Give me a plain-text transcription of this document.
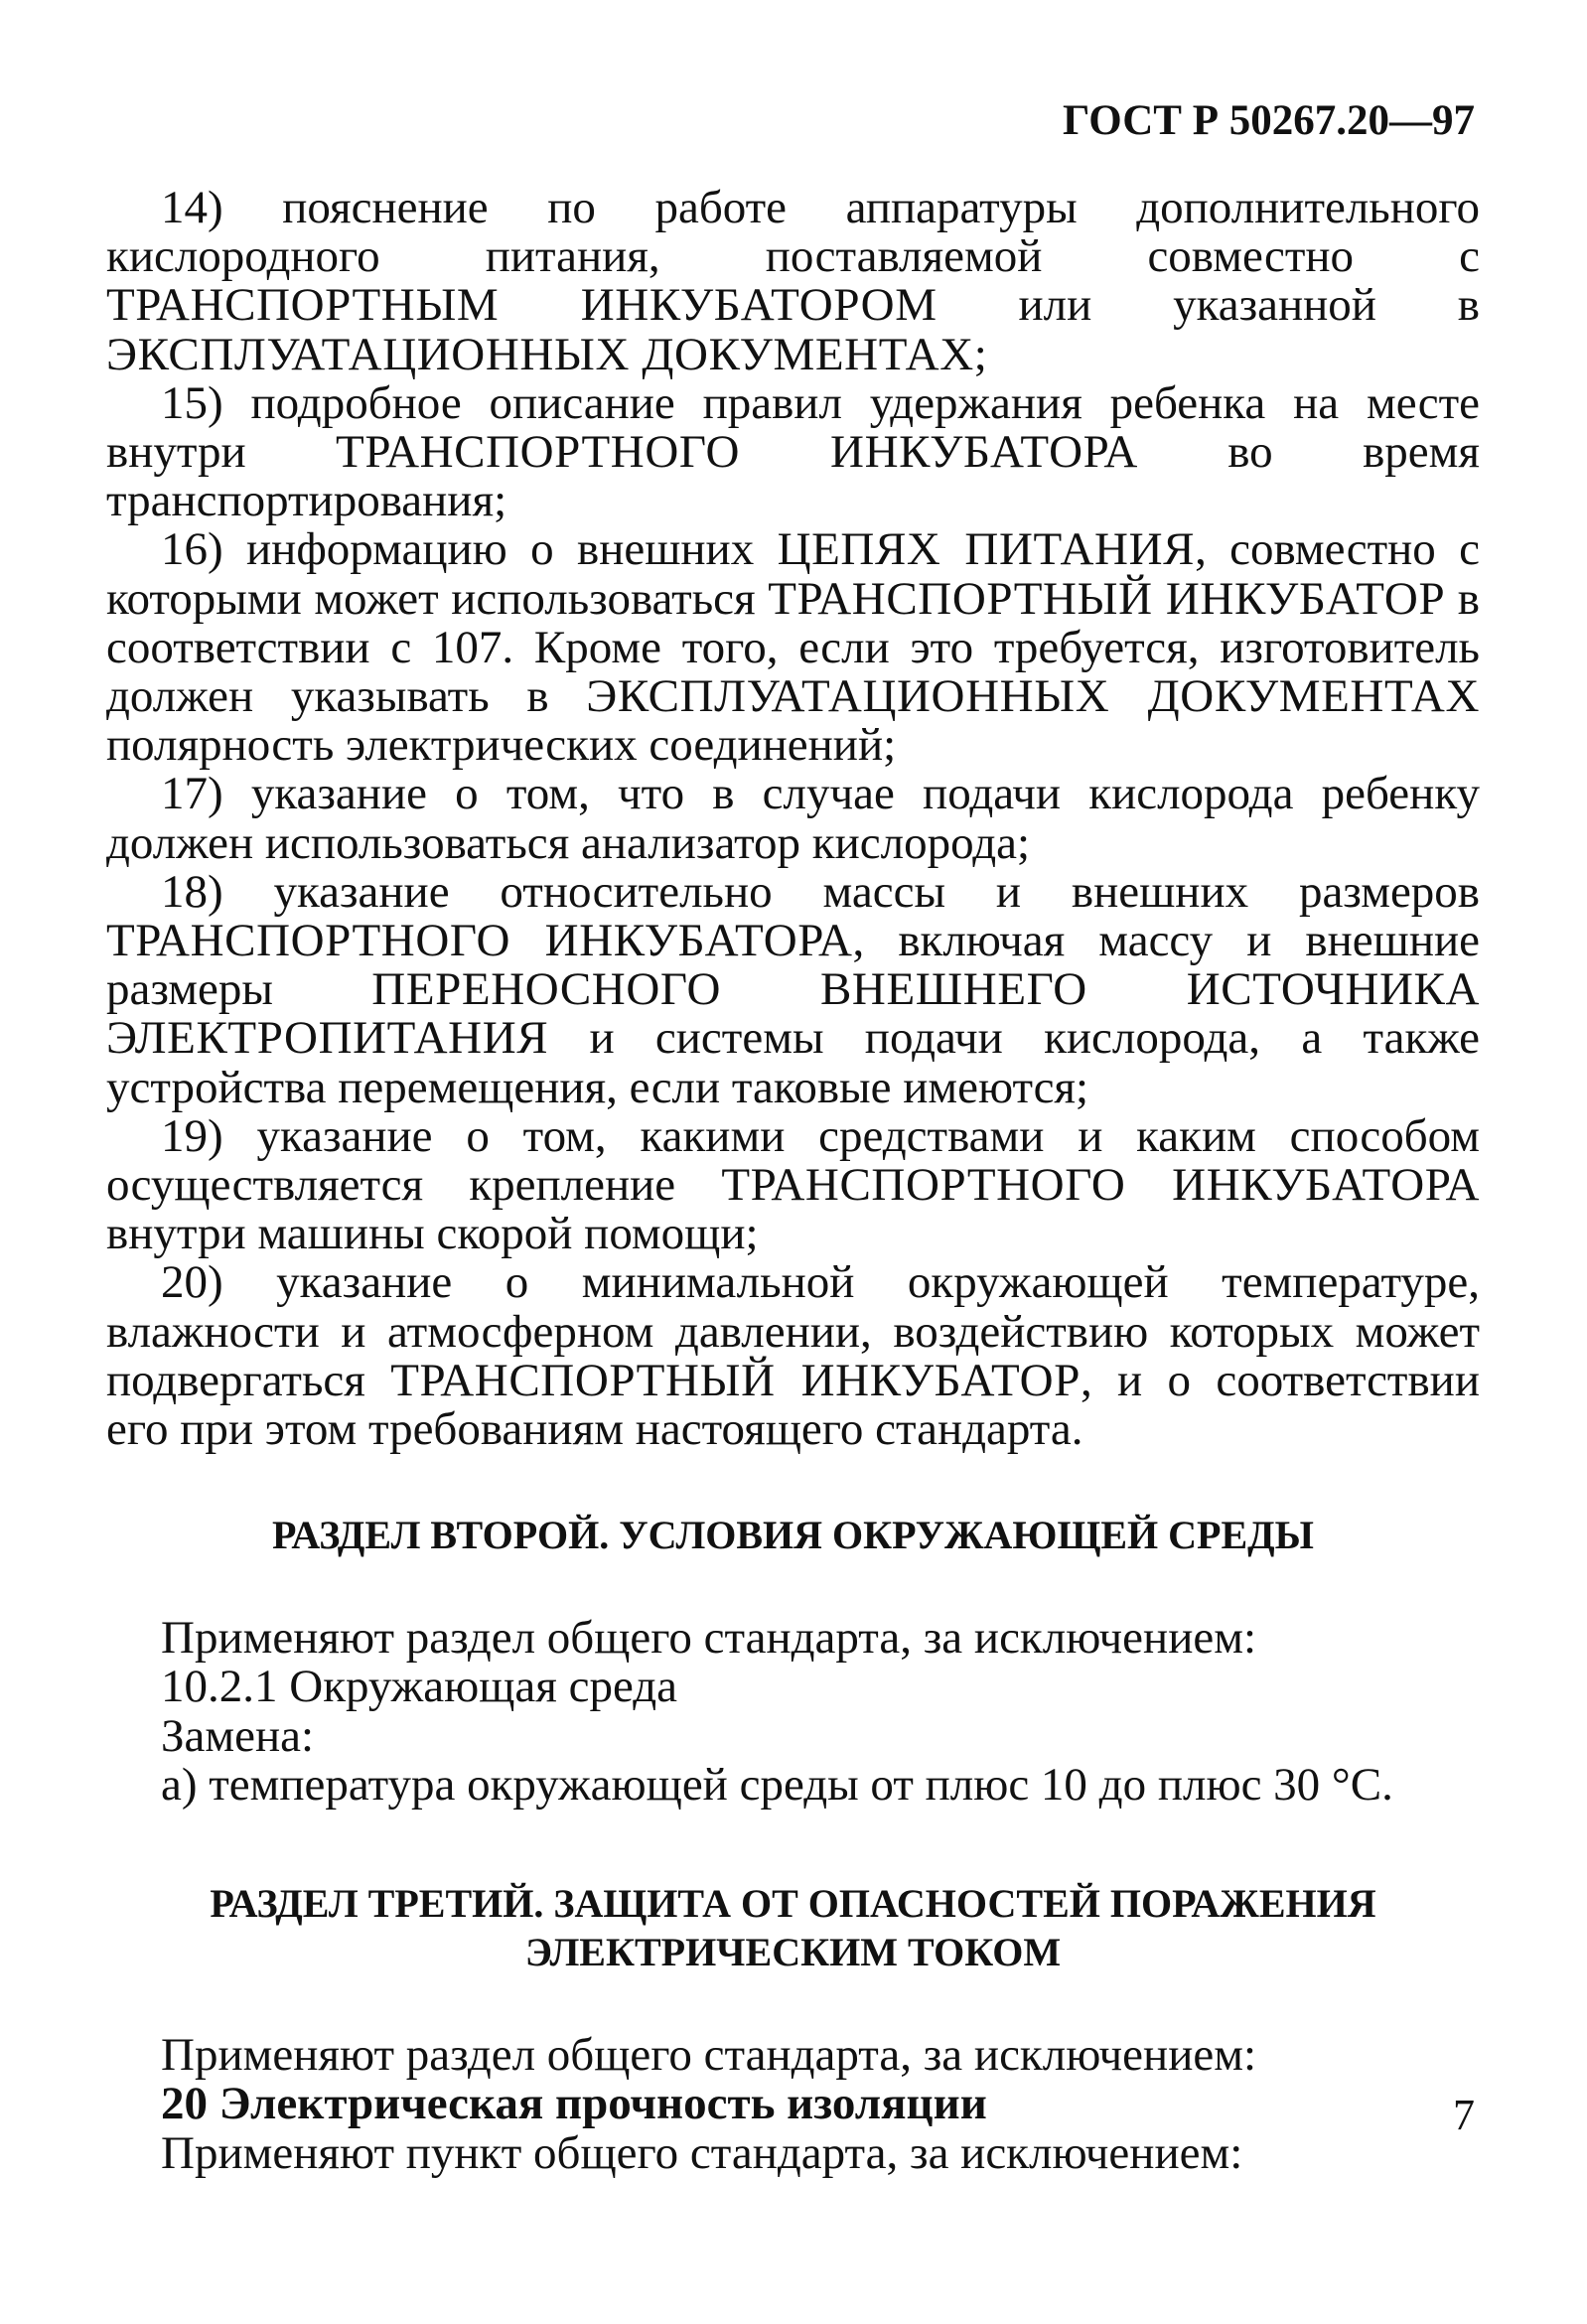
ГОСТ Р 50267.20—97

14) пояснение по работе аппаратуры дополнительного кислородного питания, поставляемой совместно с ТРАНСПОРТНЫМ ИНКУБАТОРОМ или указанной в ЭКСПЛУАТАЦИОННЫХ ДОКУМЕНТАХ;

15) подробное описание правил удержания ребенка на месте внутри ТРАНСПОРТНОГО ИНКУБАТОРА во время транспортирования;

16) информацию о внешних ЦЕПЯХ ПИТАНИЯ, совместно с которыми может использоваться ТРАНСПОРТНЫЙ ИНКУБАТОР в соответствии с 107. Кроме того, если это требуется, изготовитель должен указывать в ЭКСПЛУАТАЦИОННЫХ ДОКУМЕНТАХ полярность электрических соединений;

17) указание о том, что в случае подачи кислорода ребенку должен использоваться анализатор кислорода;

18) указание относительно массы и внешних размеров ТРАНСПОРТНОГО ИНКУБАТОРА, включая массу и внешние размеры ПЕРЕНОСНОГО ВНЕШНЕГО ИСТОЧНИКА ЭЛЕКТРОПИТАНИЯ и системы подачи кислорода, а также устройства перемещения, если таковые имеются;

19) указание о том, какими средствами и каким способом осуществляется крепление ТРАНСПОРТНОГО ИНКУБАТОРА внутри машины скорой помощи;

20) указание о минимальной окружающей температуре, влажности и атмосферном давлении, воздействию которых может подвергаться ТРАНСПОРТНЫЙ ИНКУБАТОР, и о соответствии его при этом требованиям настоящего стандарта.

РАЗДЕЛ ВТОРОЙ. УСЛОВИЯ ОКРУЖАЮЩЕЙ СРЕДЫ

Применяют раздел общего стандарта, за исключением:

10.2.1 Окружающая среда

Замена:

а) температура окружающей среды от плюс 10 до плюс 30 °С.

РАЗДЕЛ ТРЕТИЙ. ЗАЩИТА ОТ ОПАСНОСТЕЙ ПОРАЖЕНИЯ
ЭЛЕКТРИЧЕСКИМ ТОКОМ

Применяют раздел общего стандарта, за исключением:

20 Электрическая прочность изоляции

Применяют пункт общего стандарта, за исключением:

7
